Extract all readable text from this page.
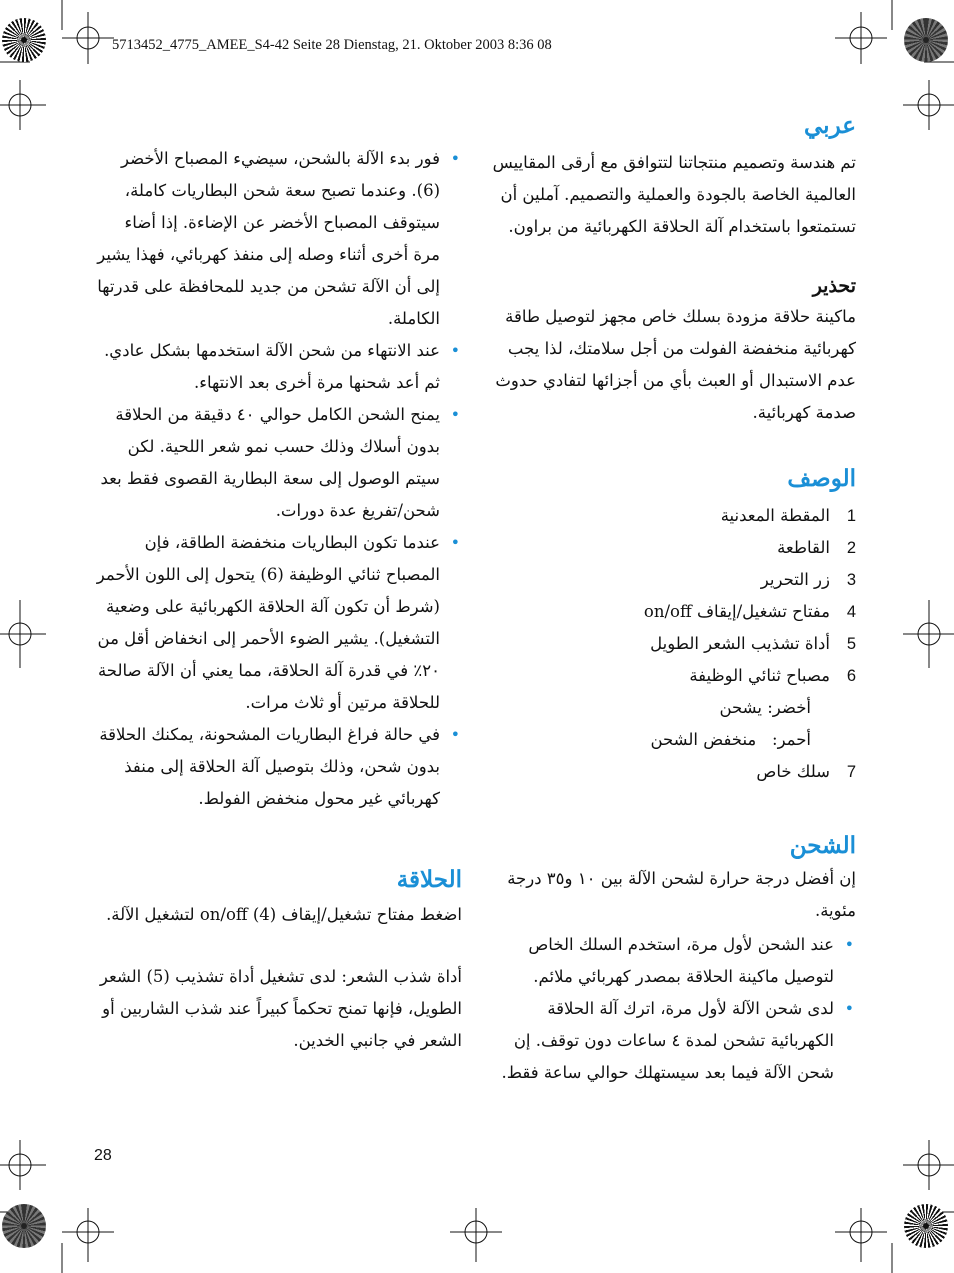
5713452_4775_AMEE_S4-42 Seite 28 Dienstag, 21. Oktober 2003 8:36 08
عربي

تم هندسة وتصميم منتجاتنا لتتوافق مع أرقى المقاييس العالمية الخاصة بالجودة والعملية والتصميم. آملين أن تستمتعوا باستخدام آلة الحلاقة الكهربائية من براون.

تحذير

ماكينة حلاقة مزودة بسلك خاص مجهز لتوصيل طاقة كهربائية منخفضة الفولت من أجل سلامتك، لذا يجب عدم الاستبدال أو العبث بأي من أجزائها لتفادي حدوث صدمة كهربائية.

الوصف
1
المقطة المعدنية
2
القاطعة
3
زر التحرير
4
مفتاح تشغيل/إيقاف on/off
5
أداة تشذيب الشعر الطويل
6
مصباح ثنائي الوظيفة
أخضر: يشحن
أحمر:   منخفض الشحن
7
سلك خاص
الشحن

إن أفضل درجة حرارة لشحن الآلة بين ١٠ و٣٥ درجة مئوية.

•
عند الشحن لأول مرة، استخدم السلك الخاص لتوصيل ماكينة الحلاقة بمصدر كهربائي ملائم.
•
لدى شحن الآلة لأول مرة، اترك آلة الحلاقة الكهربائية تشحن لمدة ٤ ساعات دون توقف. إن شحن الآلة فيما بعد سيستهلك حوالي ساعة فقط.
•
فور بدء الآلة بالشحن، سيضيء المصباح الأخضر (6). وعندما تصبح سعة شحن البطاريات كاملة، سيتوقف المصباح الأخضر عن الإضاءة. إذا أضاء مرة أخرى أثناء وصله إلى منفذ كهربائي، فهذا يشير إلى أن الآلة تشحن من جديد للمحافظة على قدرتها الكاملة.
•
عند الانتهاء من شحن الآلة استخدمها بشكل عادي. ثم أعد شحنها مرة أخرى بعد الانتهاء.
•
يمنح الشحن الكامل حوالي ٤٠ دقيقة من الحلاقة بدون أسلاك وذلك حسب نمو شعر اللحية. لكن سيتم الوصول إلى سعة البطارية القصوى فقط بعد شحن/تفريغ عدة دورات.
•
عندما تكون البطاريات منخفضة الطاقة، فإن المصباح ثنائي الوظيفة (6) يتحول إلى اللون الأحمر (شرط أن تكون آلة الحلاقة الكهربائية على وضعية التشغيل). يشير الضوء الأحمر إلى انخفاض أقل من ٢٠٪ في قدرة آلة الحلاقة، مما يعني أن الآلة صالحة للحلاقة مرتين أو ثلاث مرات.
•
في حالة فراغ البطاريات المشحونة، يمكنك الحلاقة بدون شحن، وذلك بتوصيل آلة الحلاقة إلى منفذ كهربائي غير محول منخفض الفولط.
الحلاقة

اضغط مفتاح تشغيل/إيقاف on/off (4) لتشغيل الآلة.

أداة شذب الشعر: لدى تشغيل أداة تشذيب (5) الشعر الطويل، فإنها تمنح تحكماً كبيراً عند شذب الشاربين أو الشعر في جانبي الخدين.

28
